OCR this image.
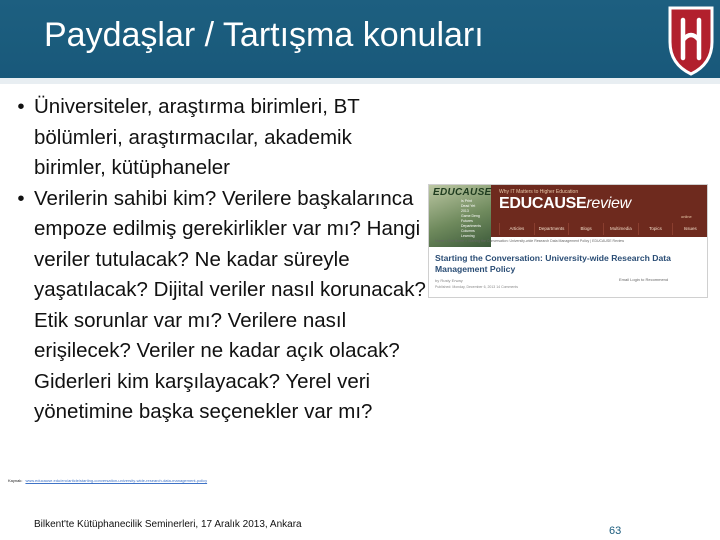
Paydaşlar / Tartışma konuları
• Üniversiteler, araştırma birimleri, BT bölümleri, araştırmacılar, akademik birimler, kütüphaneler
• Verilerin sahibi kim? Verilere başkalarınca empoze edilmiş gerekirlikler var mı? Hangi veriler tutulacak? Ne kadar süreyle yaşatılacak? Dijital veriler nasıl korunacak? Etik sorunlar var mı? Verilere nasıl erişilecek? Veriler ne kadar açık olacak? Giderleri kim karşılayacak? Yerel veri yönetimine başka seçenekler var mı?
EDUCAUSE
Is Print
Dead Yet
2013
Game Deng
Futures
Departments
Columns
Learning
Why IT Matters to Higher Education
EDUCAUSEreview
online
Articles	Departments	Blogs	Multimedia	Topics	Issues
Home > Ero Home > Starting the Conversation: University-wide Research Data Management Policy | EDUCAUSE Review
Starting the Conversation: University-wide Research Data Management Policy
by Rusty Erway	Email Login to Recommend
Published: Monday, December 6, 2013 14 Comments
Kaynak: www.educause.edu/ero/article/starting-conversation-university-wide-research-data-management-policy
Bilkent'te Kütüphanecilik Seminerleri, 17 Aralık 2013, Ankara
63
